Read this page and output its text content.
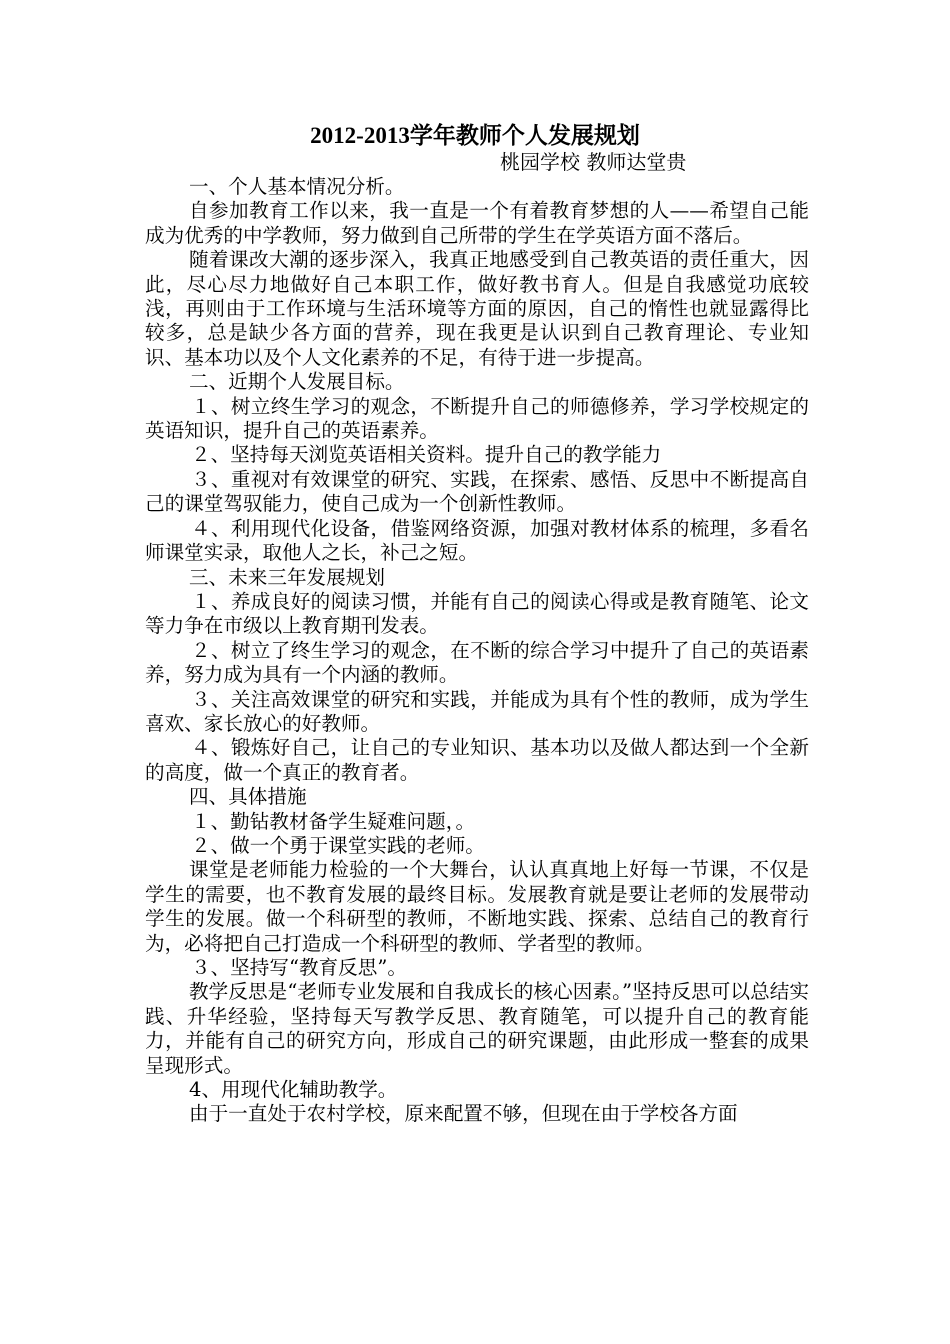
2012-2013学年教师个人发展规划
桃园学校 教师达堂贵

一、个人基本情况分析。

自参加教育工作以来，我一直是一个有着教育梦想的人——希望自己能成为优秀的中学教师，努力做到自己所带的学生在学英语方面不落后。

随着课改大潮的逐步深入，我真正地感受到自己教英语的责任重大，因此，尽心尽力地做好自己本职工作，做好教书育人。但是自我感觉功底较浅，再则由于工作环境与生活环境等方面的原因，自己的惰性也就显露得比较多，总是缺少各方面的营养，现在我更是认识到自己教育理论、专业知识、基本功以及个人文化素养的不足，有待于进一步提高。

二、近期个人发展目标。

１、树立终生学习的观念，不断提升自己的师德修养，学习学校规定的英语知识，提升自己的英语素养。

２、坚持每天浏览英语相关资料。提升自己的教学能力

３、重视对有效课堂的研究、实践，在探索、感悟、反思中不断提高自己的课堂驾驭能力，使自己成为一个创新性教师。

４、利用现代化设备，借鉴网络资源，加强对教材体系的梳理，多看名师课堂实录，取他人之长，补己之短。

三、未来三年发展规划

１、养成良好的阅读习惯，并能有自己的阅读心得或是教育随笔、论文等力争在市级以上教育期刊发表。

２、树立了终生学习的观念，在不断的综合学习中提升了自己的英语素养，努力成为具有一个内涵的教师。

３、关注高效课堂的研究和实践，并能成为具有个性的教师，成为学生喜欢、家长放心的好教师。

４、锻炼好自己，让自己的专业知识、基本功以及做人都达到一个全新的高度，做一个真正的教育者。

四、具体措施

１、勤钻教材备学生疑难问题，。

２、做一个勇于课堂实践的老师。

课堂是老师能力检验的一个大舞台，认认真真地上好每一节课，不仅是学生的需要，也不教育发展的最终目标。发展教育就是要让老师的发展带动学生的发展。做一个科研型的教师，不断地实践、探索、总结自己的教育行为，必将把自己打造成一个科研型的教师、学者型的教师。

３、坚持写“教育反思”。

教学反思是“老师专业发展和自我成长的核心因素。”坚持反思可以总结实践、升华经验，坚持每天写教学反思、教育随笔，可以提升自己的教育能力，并能有自己的研究方向，形成自己的研究课题，由此形成一整套的成果呈现形式。

4、用现代化辅助教学。

由于一直处于农村学校，原来配置不够，但现在由于学校各方面
